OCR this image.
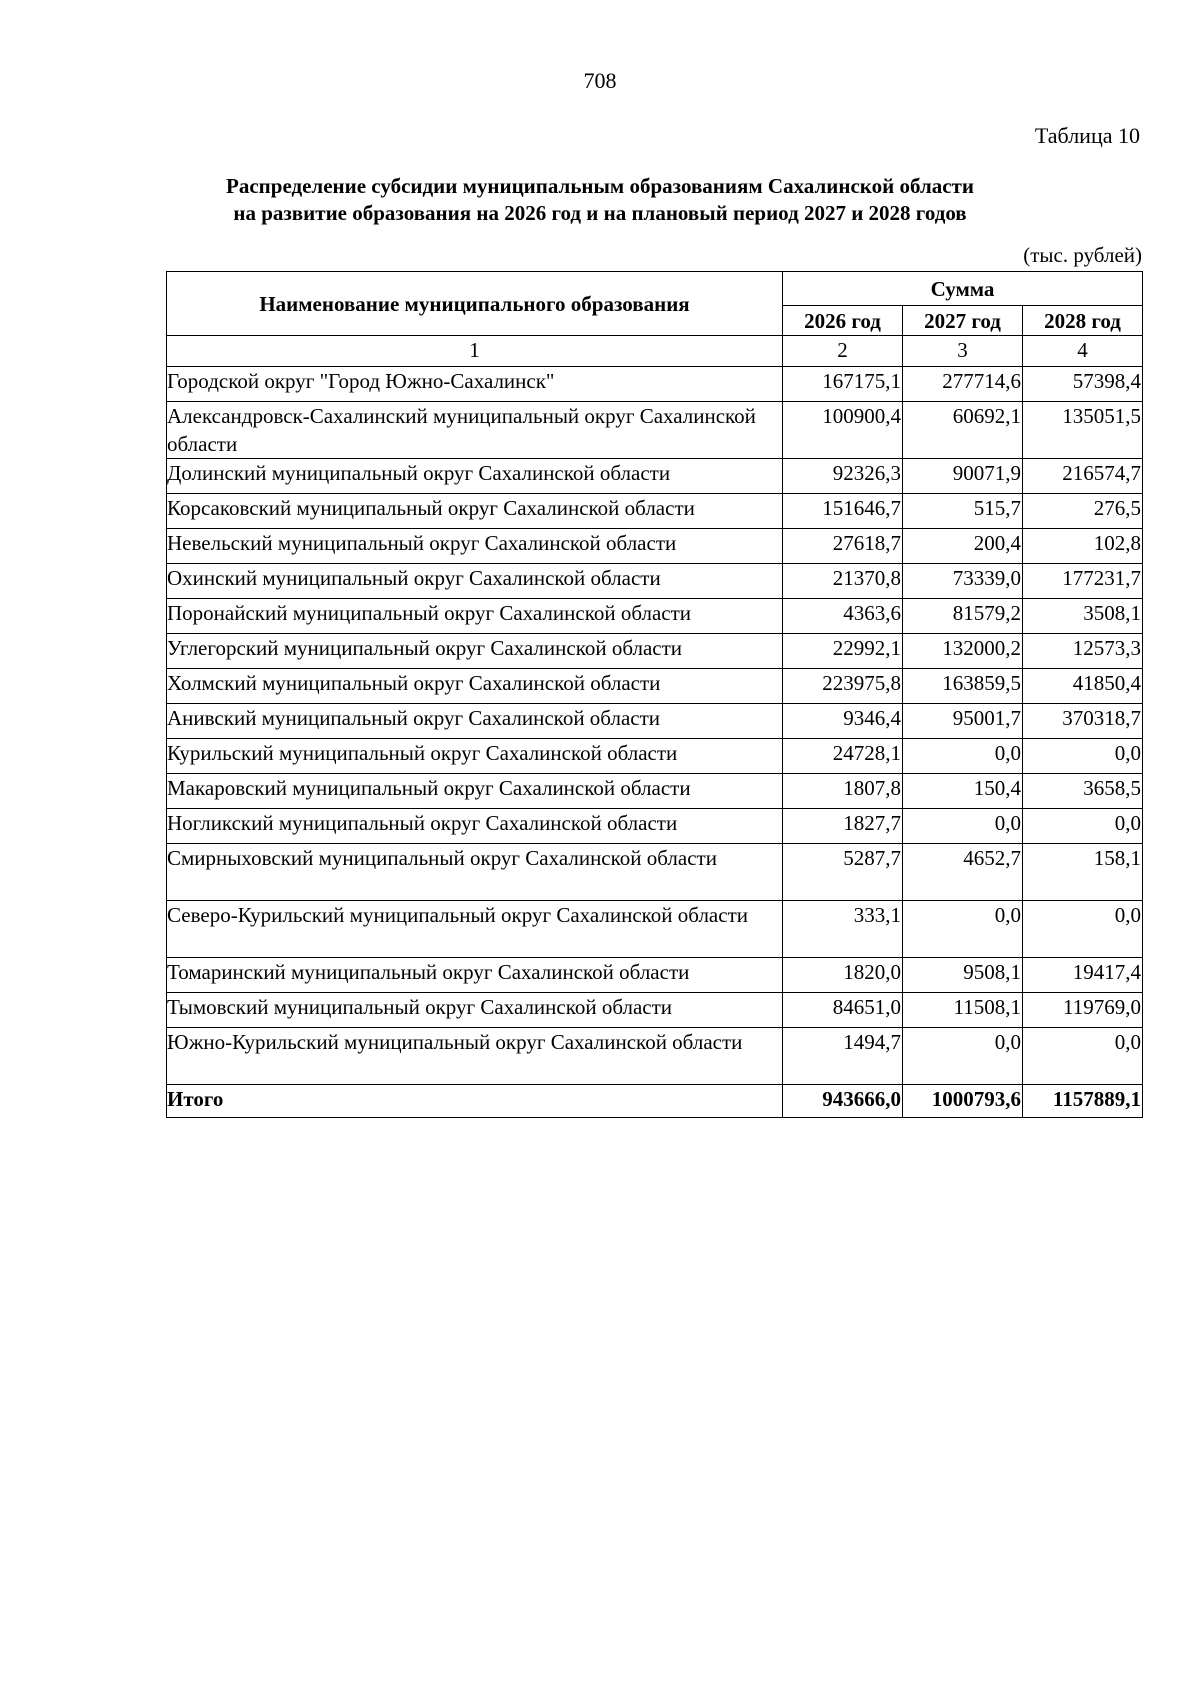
708
Таблица 10
Распределение субсидии муниципальным образованиям Сахалинской области
на развитие образования на 2026 год и на плановый период 2027 и 2028 годов
(тыс. рублей)
Наименование муниципального образования	Сумма		
	2026 год	2027 год	2028 год
1	2	3	4
Городской округ "Город Южно-Сахалинск"	167175,1	277714,6	57398,4
Александровск-Сахалинский муниципальный округ Сахалинской области	100900,4	60692,1	135051,5
Долинский муниципальный округ Сахалинской области	92326,3	90071,9	216574,7
Корсаковский муниципальный округ Сахалинской области	151646,7	515,7	276,5
Невельский муниципальный округ Сахалинской области	27618,7	200,4	102,8
Охинский муниципальный округ Сахалинской области	21370,8	73339,0	177231,7
Поронайский муниципальный округ Сахалинской области	4363,6	81579,2	3508,1
Углегорский муниципальный округ Сахалинской области	22992,1	132000,2	12573,3
Холмский муниципальный округ Сахалинской области	223975,8	163859,5	41850,4
Анивский муниципальный округ Сахалинской области	9346,4	95001,7	370318,7
Курильский муниципальный округ Сахалинской области	24728,1	0,0	0,0
Макаровский муниципальный округ Сахалинской области	1807,8	150,4	3658,5
Ногликский муниципальный округ Сахалинской области	1827,7	0,0	0,0
Смирныховский муниципальный округ Сахалинской области	5287,7	4652,7	158,1
Северо-Курильский муниципальный округ Сахалинской области	333,1	0,0	0,0
Томаринский муниципальный округ Сахалинской области	1820,0	9508,1	19417,4
Тымовский муниципальный округ Сахалинской области	84651,0	11508,1	119769,0
Южно-Курильский муниципальный округ Сахалинской области	1494,7	0,0	0,0
Итого	943666,0	1000793,6	1157889,1
